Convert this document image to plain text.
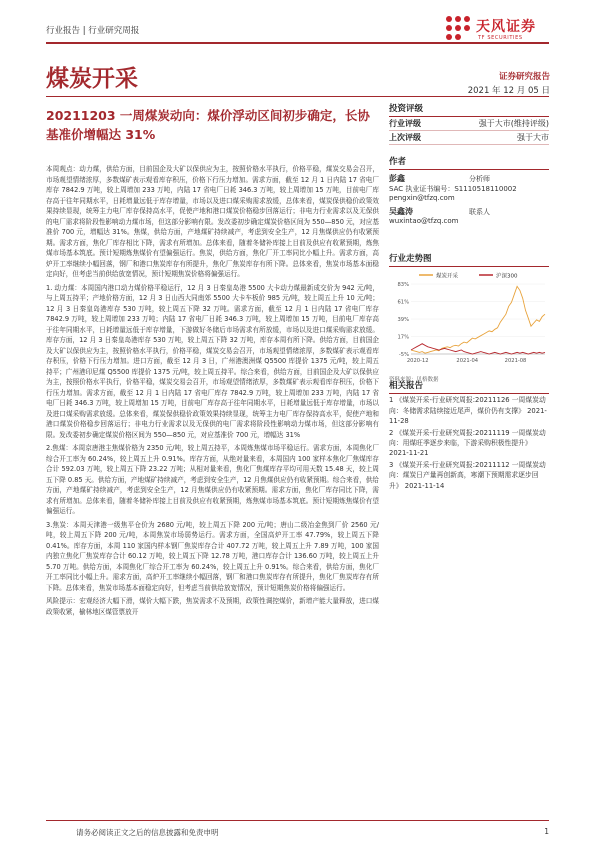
行业报告 | 行业研究周报	天风证券
TF SECURITIES
煤炭开采	证券研究报告
2021 年 12 月 05 日
20211203 一周煤炭动向：煤价浮动区间初步确定，长协基准价增幅达 31%
投资评级
行业评级	强于大市(维持评级)
上次评级	强于大市
作者
彭鑫	分析师
SAC 执业证书编号：S1110518110002
pengxin@tfzq.com
吴鑫涛	联系人
wuxintao@tfzq.com
行业走势图
煤炭开采	沪深300
83%
61%
39%
17%
-5%
2020-12	2021-04	2021-08
资料来源：贝格数据
相关报告
1 《煤炭开采-行业研究周报:20211126 一周煤炭动向：冬储需求陆续接近尾声，煤价仍有支撑》 2021-11-28
2 《煤炭开采-行业研究周报:20211119 一周煤炭动向：用煤旺季逐步来临，下游采购积极性提升》 2021-11-21
3 《煤炭开采-行业研究周报:20211112 一周煤炭动向：煤炭日产量再创新高，寒潮下预期需求逐步回升》 2021-11-14

本周观点：动力煤，供给方面，目前国企及大矿以保供应为主，按照价格水平执行，价格平稳，煤炭交易会召开，市场观望情绪浓厚，多数煤矿表示观看库存积压，价格下行压力增加。需求方面，截至 12 月 1 日内陆 17 省电厂库存 7842.9 万吨，较上周增加 233 万吨，内陆 17 省电厂日耗 346.3 万吨，较上周增加 15 万吨，目前电厂库存高于往年同期水平，日耗增量远低于库存增量，市场以及进口煤采购需求放缓，总体来看，煤炭保供稳价政策效果持续显现，统筹主力电厂库存保持高水平，促使产地和港口煤炭价格稳步回落运行；非电力行业需求以及无保供的电厂需求将阶段性影响动力煤市场，但这部分影响有限。发改委初步确定煤炭价格区间为 550—850 元，对应基准价 700 元，增幅达 31%。焦煤，供给方面，产地煤矿持续减产，考虑到安全生产，12 月焦煤供应仍有收紧预期。需求方面，焦化厂库存相比下降，需求有所增加。总体来看，随着冬储补库接上目前及供应有收紧预期，炼焦煤市场基本筑底。预计短期炼焦煤价有望偏强运行。焦炭，供给方面，焦化厂开工率同比小幅上升。需求方面，高炉开工率继续小幅回落，钢厂和港口焦炭库存有所提升，焦化厂焦炭库存有所下降。总体来看，焦炭市场基本面稳定向好，但考虑当前供给放宽情况，预计短期焦炭价格将偏强运行。

1. 动力煤：本周国内港口动力煤价格平稳运行，12 月 3 日秦皇岛港 5500 大卡动力煤最新成交价为 942 元/吨，与上周五持平；产地价格方面，12 月 3 日山西大同南郊 5500 大卡车板价 985 元/吨，较上周五上升 10 元/吨；12 月 3 日秦皇岛港库存 530 万吨，较上周五下降 32 万吨。需求方面，截至 12 月 1 日内陆 17 省电厂库存 7842.9 万吨，较上周增加 233 万吨；内陆 17 省电厂日耗 346.3 万吨，较上周增加 15 万吨，目前电厂库存高于往年同期水平，日耗增量远低于库存增量，下游做好冬储后市场需求有所放缓，市场以及进口煤采购需求放缓。库存方面，12 月 3 日秦皇岛港库存 530 万吨，较上周五下降 32 万吨，库存本周有所下降。供给方面，目前国企及大矿以保供应为主，按照价格水平执行，价格平稳，煤炭交易会召开，市场观望情绪浓厚，多数煤矿表示观看库存积压，价格下行压力增加。进口方面，截至 12 月 3 日，广州港澳洲煤 Q5500 库提价 1375 元/吨，较上周五持平；广州港印尼煤 Q5500 库提价 1375 元/吨，较上周五持平。综合来看，供给方面，目前国企及大矿以保供应为主，按照价格水平执行，价格平稳，煤炭交易会召开，市场观望情绪浓厚，多数煤矿表示观看库存积压，价格下行压力增加。需求方面，截至 12 月 1 日内陆 17 省电厂库存 7842.9 万吨，较上周增加 233 万吨，内陆 17 省电厂日耗 346.3 万吨，较上周增加 15 万吨，目前电厂库存高于往年同期水平，日耗增量远低于库存增量，市场以及进口煤采购需求放缓。总体来看，煤炭保供稳价政策效果持续显现，统筹主力电厂库存保持高水平，促使产地和港口煤炭价格稳步回落运行；非电力行业需求以及无保供的电厂需求将阶段性影响动力煤市场，但这部分影响有限。发改委初步确定煤炭价格区间为 550—850 元，对应基准价 700 元，增幅达 31%

2.焦煤：本周京唐港主焦煤价格为 2350 元/吨，较上周五持平，本周炼焦煤市场平稳运行。需求方面，本周焦化厂综合开工率为 60.24%，较上周五上升 0.91%。库存方面，从绝对量来看，本周国内 100 家样本焦化厂焦煤库存合计 592.03 万吨，较上周五下降 23.22 万吨；从相对量来看，焦化厂焦煤库存平均可用天数 15.48 天，较上周五下降 0.85 天。供给方面，产地煤矿持续减产，考虑到安全生产，12 月焦煤供应仍有收紧预期。综合来看，供给方面，产地煤矿持续减产，考虑到安全生产，12 月焦煤供应仍有收紧预期。需求方面，焦化厂库存同比下降，需求有所增加。总体来看，随着冬储补库接上目前及供应有收紧预期，炼焦煤市场基本筑底。预计短期炼焦煤价有望偏强运行。

3.焦炭：本周天津港一级焦平仓价为 2680 元/吨，较上周五下降 200 元/吨；唐山二级冶金焦到厂价 2560 元/吨，较上周五下降 200 元/吨，本周焦炭市场弱势运行。需求方面，全国高炉开工率 47.79%，较上周五下降 0.41%。库存方面，本周 110 家国内样本钢厂焦炭库存合计 407.72 万吨，较上周五上升 7.89 万吨，100 家国内独立焦化厂焦炭库存合计 60.12 万吨，较上周五下降 12.78 万吨，港口库存合计 136.60 万吨，较上周五上升 5.70 万吨。供给方面，本周焦化厂综合开工率为 60.24%，较上周五上升 0.91%。综合来看，供给方面，焦化厂开工率同比小幅上升。需求方面，高炉开工率继续小幅回落，钢厂和港口焦炭库存有所提升，焦化厂焦炭库存有所下降。总体来看，焦炭市场基本面稳定向好，但考虑当前供给放宽情况，预计短期焦炭价格将偏强运行。

风险提示：宏观经济大幅下滑，煤价大幅下跌，焦炭需求不及预期，政策性调控煤价，新增产能大量释放，进口煤政策收紧，榆林地区煤管票放开

请务必阅读正文之后的信息披露和免责申明	1
